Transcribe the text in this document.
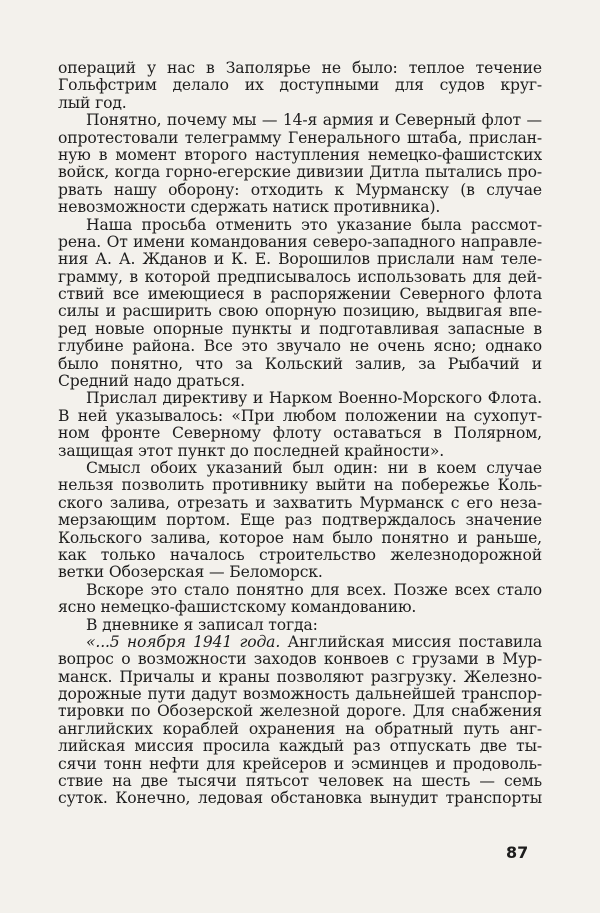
операций у нас в Заполярье не было: теплое течение
Гольфстрим делало их доступными для судов круг-
лый год.
Понятно, почему мы — 14-я армия и Северный флот —
опротестовали телеграмму Генерального штаба, прислан-
ную в момент второго наступления немецко-фашистских
войск, когда горно-егерские дивизии Дитла пытались про-
рвать нашу оборону: отходить к Мурманску (в случае
невозможности сдержать натиск противника).
Наша просьба отменить это указание была рассмот-
рена. От имени командования северо-западного направле-
ния А. А. Жданов и К. Е. Ворошилов прислали нам теле-
грамму, в которой предписывалось использовать для дей-
ствий все имеющиеся в распоряжении Северного флота
силы и расширить свою опорную позицию, выдвигая впе-
ред новые опорные пункты и подготавливая запасные в
глубине района. Все это звучало не очень ясно; однако
было понятно, что за Кольский залив, за Рыбачий и
Средний надо драться.
Прислал директиву и Нарком Военно-Морского Флота.
В ней указывалось: «При любом положении на сухопут-
ном фронте Северному флоту оставаться в Полярном,
защищая этот пункт до последней крайности».
Смысл обоих указаний был один: ни в коем случае
нельзя позволить противнику выйти на побережье Коль-
ского залива, отрезать и захватить Мурманск с его неза-
мерзающим портом. Еще раз подтверждалось значение
Кольского залива, которое нам было понятно и раньше,
как только началось строительство железнодорожной
ветки Обозерская — Беломорск.
Вскоре это стало понятно для всех. Позже всех стало
ясно немецко-фашистскому командованию.
В дневнике я записал тогда:
«...5 ноября 1941 года. Английская миссия поставила
вопрос о возможности заходов конвоев с грузами в Мур-
манск. Причалы и краны позволяют разгрузку. Железно-
дорожные пути дадут возможность дальнейшей транспор-
тировки по Обозерской железной дороге. Для снабжения
английских кораблей охранения на обратный путь анг-
лийская миссия просила каждый раз отпускать две ты-
сячи тонн нефти для крейсеров и эсминцев и продоволь-
ствие на две тысячи пятьсот человек на шесть — семь
суток. Конечно, ледовая обстановка вынудит транспорты
87
